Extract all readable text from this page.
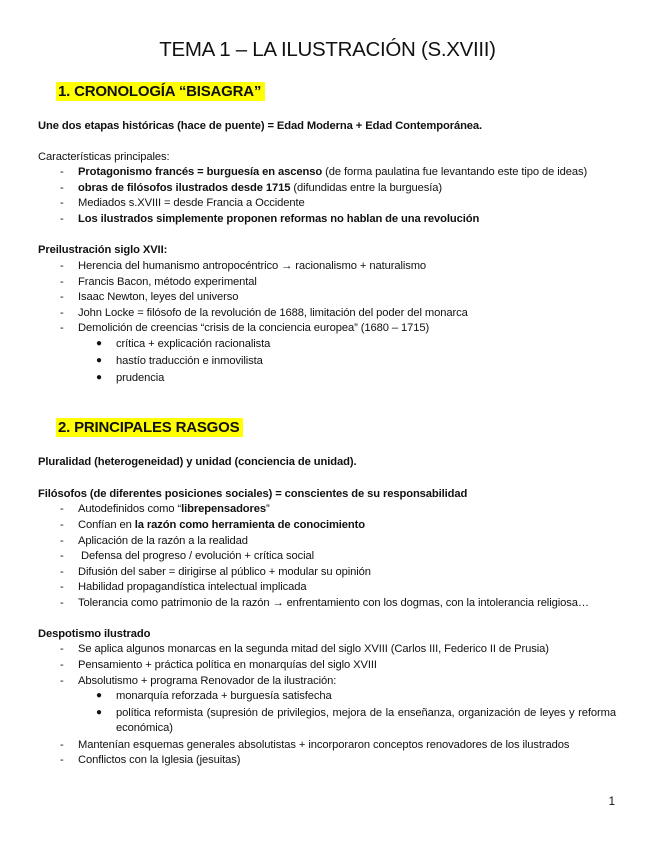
TEMA 1 – LA ILUSTRACIÓN (S.XVIII)
1. CRONOLOGÍA “BISAGRA”
Une dos etapas históricas (hace de puente) = Edad Moderna + Edad Contemporánea.
Características principales:
- Protagonismo francés = burguesía en ascenso (de forma paulatina fue levantando este tipo de ideas)
- obras de filósofos ilustrados desde 1715 (difundidas entre la burguesía)
- Mediados s.XVIII = desde Francia a Occidente
- Los ilustrados simplemente proponen reformas no hablan de una revolución
Preilustración siglo XVII:
- Herencia del humanismo antropocéntrico → racionalismo + naturalismo
- Francis Bacon, método experimental
- Isaac Newton, leyes del universo
- John Locke = filósofo de la revolución de 1688, limitación del poder del monarca
- Demolición de creencias “crisis de la conciencia europea” (1680 – 1715)
● crítica + explicación racionalista
● hastío traducción e inmovilista
● prudencia
2. PRINCIPALES RASGOS
Pluralidad (heterogeneidad) y unidad (conciencia de unidad).
Filósofos (de diferentes posiciones sociales) = conscientes de su responsabilidad
- Autodefinidos como “librepensadores”
- Confían en la razón como herramienta de conocimiento
- Aplicación de la razón a la realidad
- Defensa del progreso / evolución + crítica social
- Difusión del saber = dirigirse al público + modular su opinión
- Habilidad propagandística intelectual implicada
- Tolerancia como patrimonio de la razón → enfrentamiento con los dogmas, con la intolerancia religiosa…
Despotismo ilustrado
- Se aplica algunos monarcas en la segunda mitad del siglo XVIII (Carlos III, Federico II de Prusia)
- Pensamiento + práctica política en monarquías del siglo XVIII
- Absolutismo + programa Renovador de la ilustración:
● monarquía reforzada + burguesía satisfecha
● política reformista (supresión de privilegios, mejora de la enseñanza, organización de leyes y reforma económica)
- Mantenían esquemas generales absolutistas + incorporaron conceptos renovadores de los ilustrados
- Conflictos con la Iglesia (jesuitas)
1
